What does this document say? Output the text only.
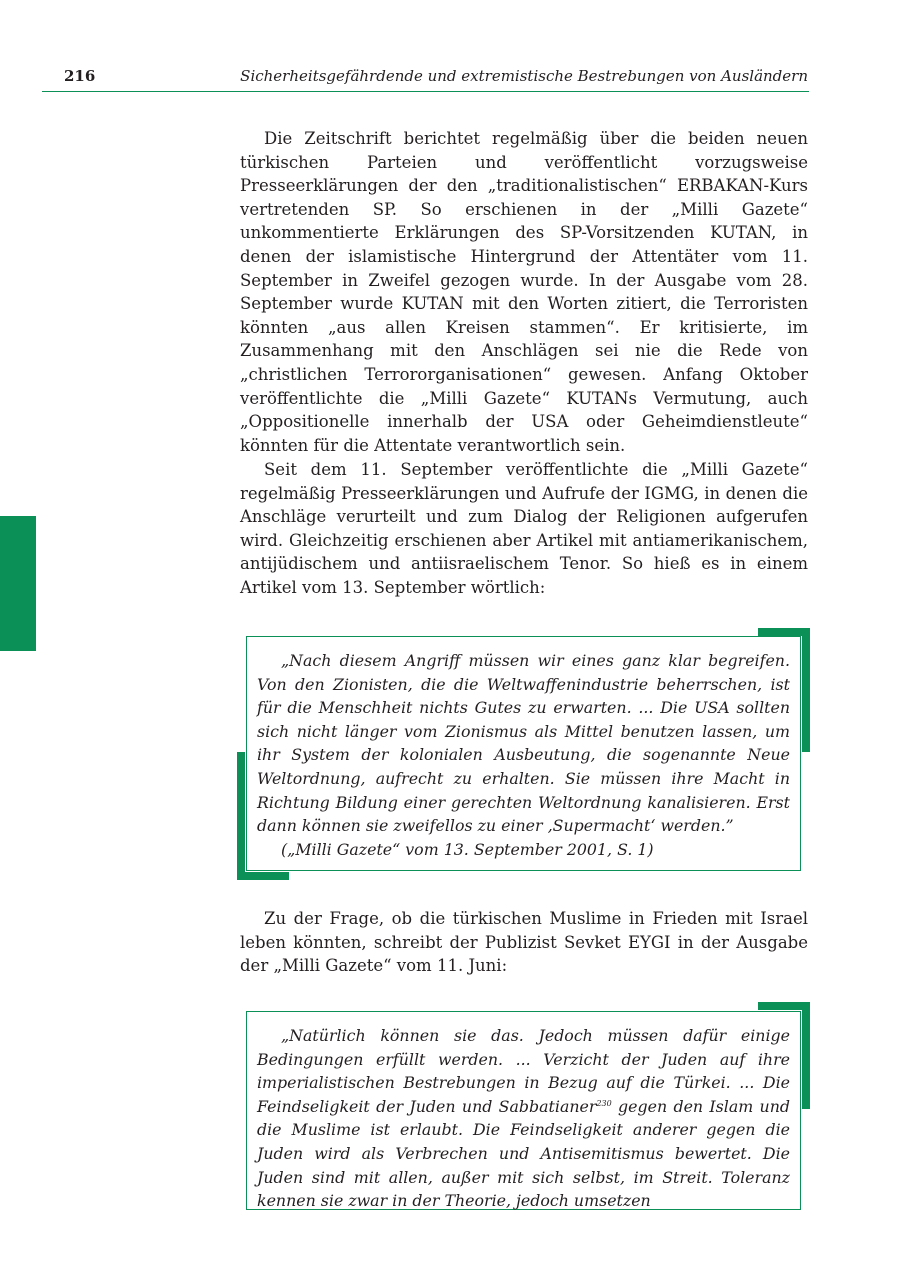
216	Sicherheitsgefährdende und extremistische Bestrebungen von Ausländern

Die Zeitschrift berichtet regelmäßig über die beiden neuen türkischen Parteien und veröffentlicht vorzugsweise Presseerklärungen der den „traditionalistischen“ ERBAKAN-Kurs vertretenden SP. So erschienen in der „Milli Gazete“ unkommentierte Erklärungen des SP-Vorsitzenden KUTAN, in denen der islamistische Hintergrund der Attentäter vom 11. September in Zweifel gezogen wurde. In der Ausgabe vom 28. September wurde KUTAN mit den Worten zitiert, die Terroristen könnten „aus allen Kreisen stammen“. Er kritisierte, im Zusammenhang mit den Anschlägen sei nie die Rede von „christlichen Terrororganisationen“ gewesen. Anfang Oktober veröffentlichte die „Milli Gazete“ KUTANs Vermutung, auch „Oppositionelle innerhalb der USA oder Geheimdienstleute“ könnten für die Attentate verantwortlich sein.

Seit dem 11. September veröffentlichte die „Milli Gazete“ regelmäßig Presseerklärungen und Aufrufe der IGMG, in denen die Anschläge verurteilt und zum Dialog der Religionen aufgerufen wird. Gleichzeitig erschienen aber Artikel mit antiamerikanischem, antijüdischem und antiisraelischem Tenor. So hieß es in einem Artikel vom 13. September wörtlich:

„Nach diesem Angriff müssen wir eines ganz klar begreifen. Von den Zionisten, die die Weltwaffenindustrie beherrschen, ist für die Menschheit nichts Gutes zu erwarten. ... Die USA sollten sich nicht länger vom Zionismus als Mittel benutzen lassen, um ihr System der kolonialen Ausbeutung, die sogenannte Neue Weltordnung, aufrecht zu erhalten. Sie müssen ihre Macht in Richtung Bildung einer gerechten Weltordnung kanalisieren. Erst dann können sie zweifellos zu einer ‚Supermacht‘ werden.”
(„Milli Gazete“ vom 13. September 2001, S. 1)

Zu der Frage, ob die türkischen Muslime in Frieden mit Israel leben könnten, schreibt der Publizist Sevket EYGI in der Ausgabe der „Milli Gazete“ vom 11. Juni:

„Natürlich können sie das. Jedoch müssen dafür einige Bedingungen erfüllt werden. ... Verzicht der Juden auf ihre imperialistischen Bestrebungen in Bezug auf die Türkei. ... Die Feindseligkeit der Juden und Sabbatianer$^{230}$ gegen den Islam und die Muslime ist erlaubt. Die Feindseligkeit anderer gegen die Juden wird als Verbrechen und Antisemitismus bewertet. Die Juden sind mit allen, außer mit sich selbst, im Streit. Toleranz kennen sie zwar in der Theorie, jedoch umsetzen
